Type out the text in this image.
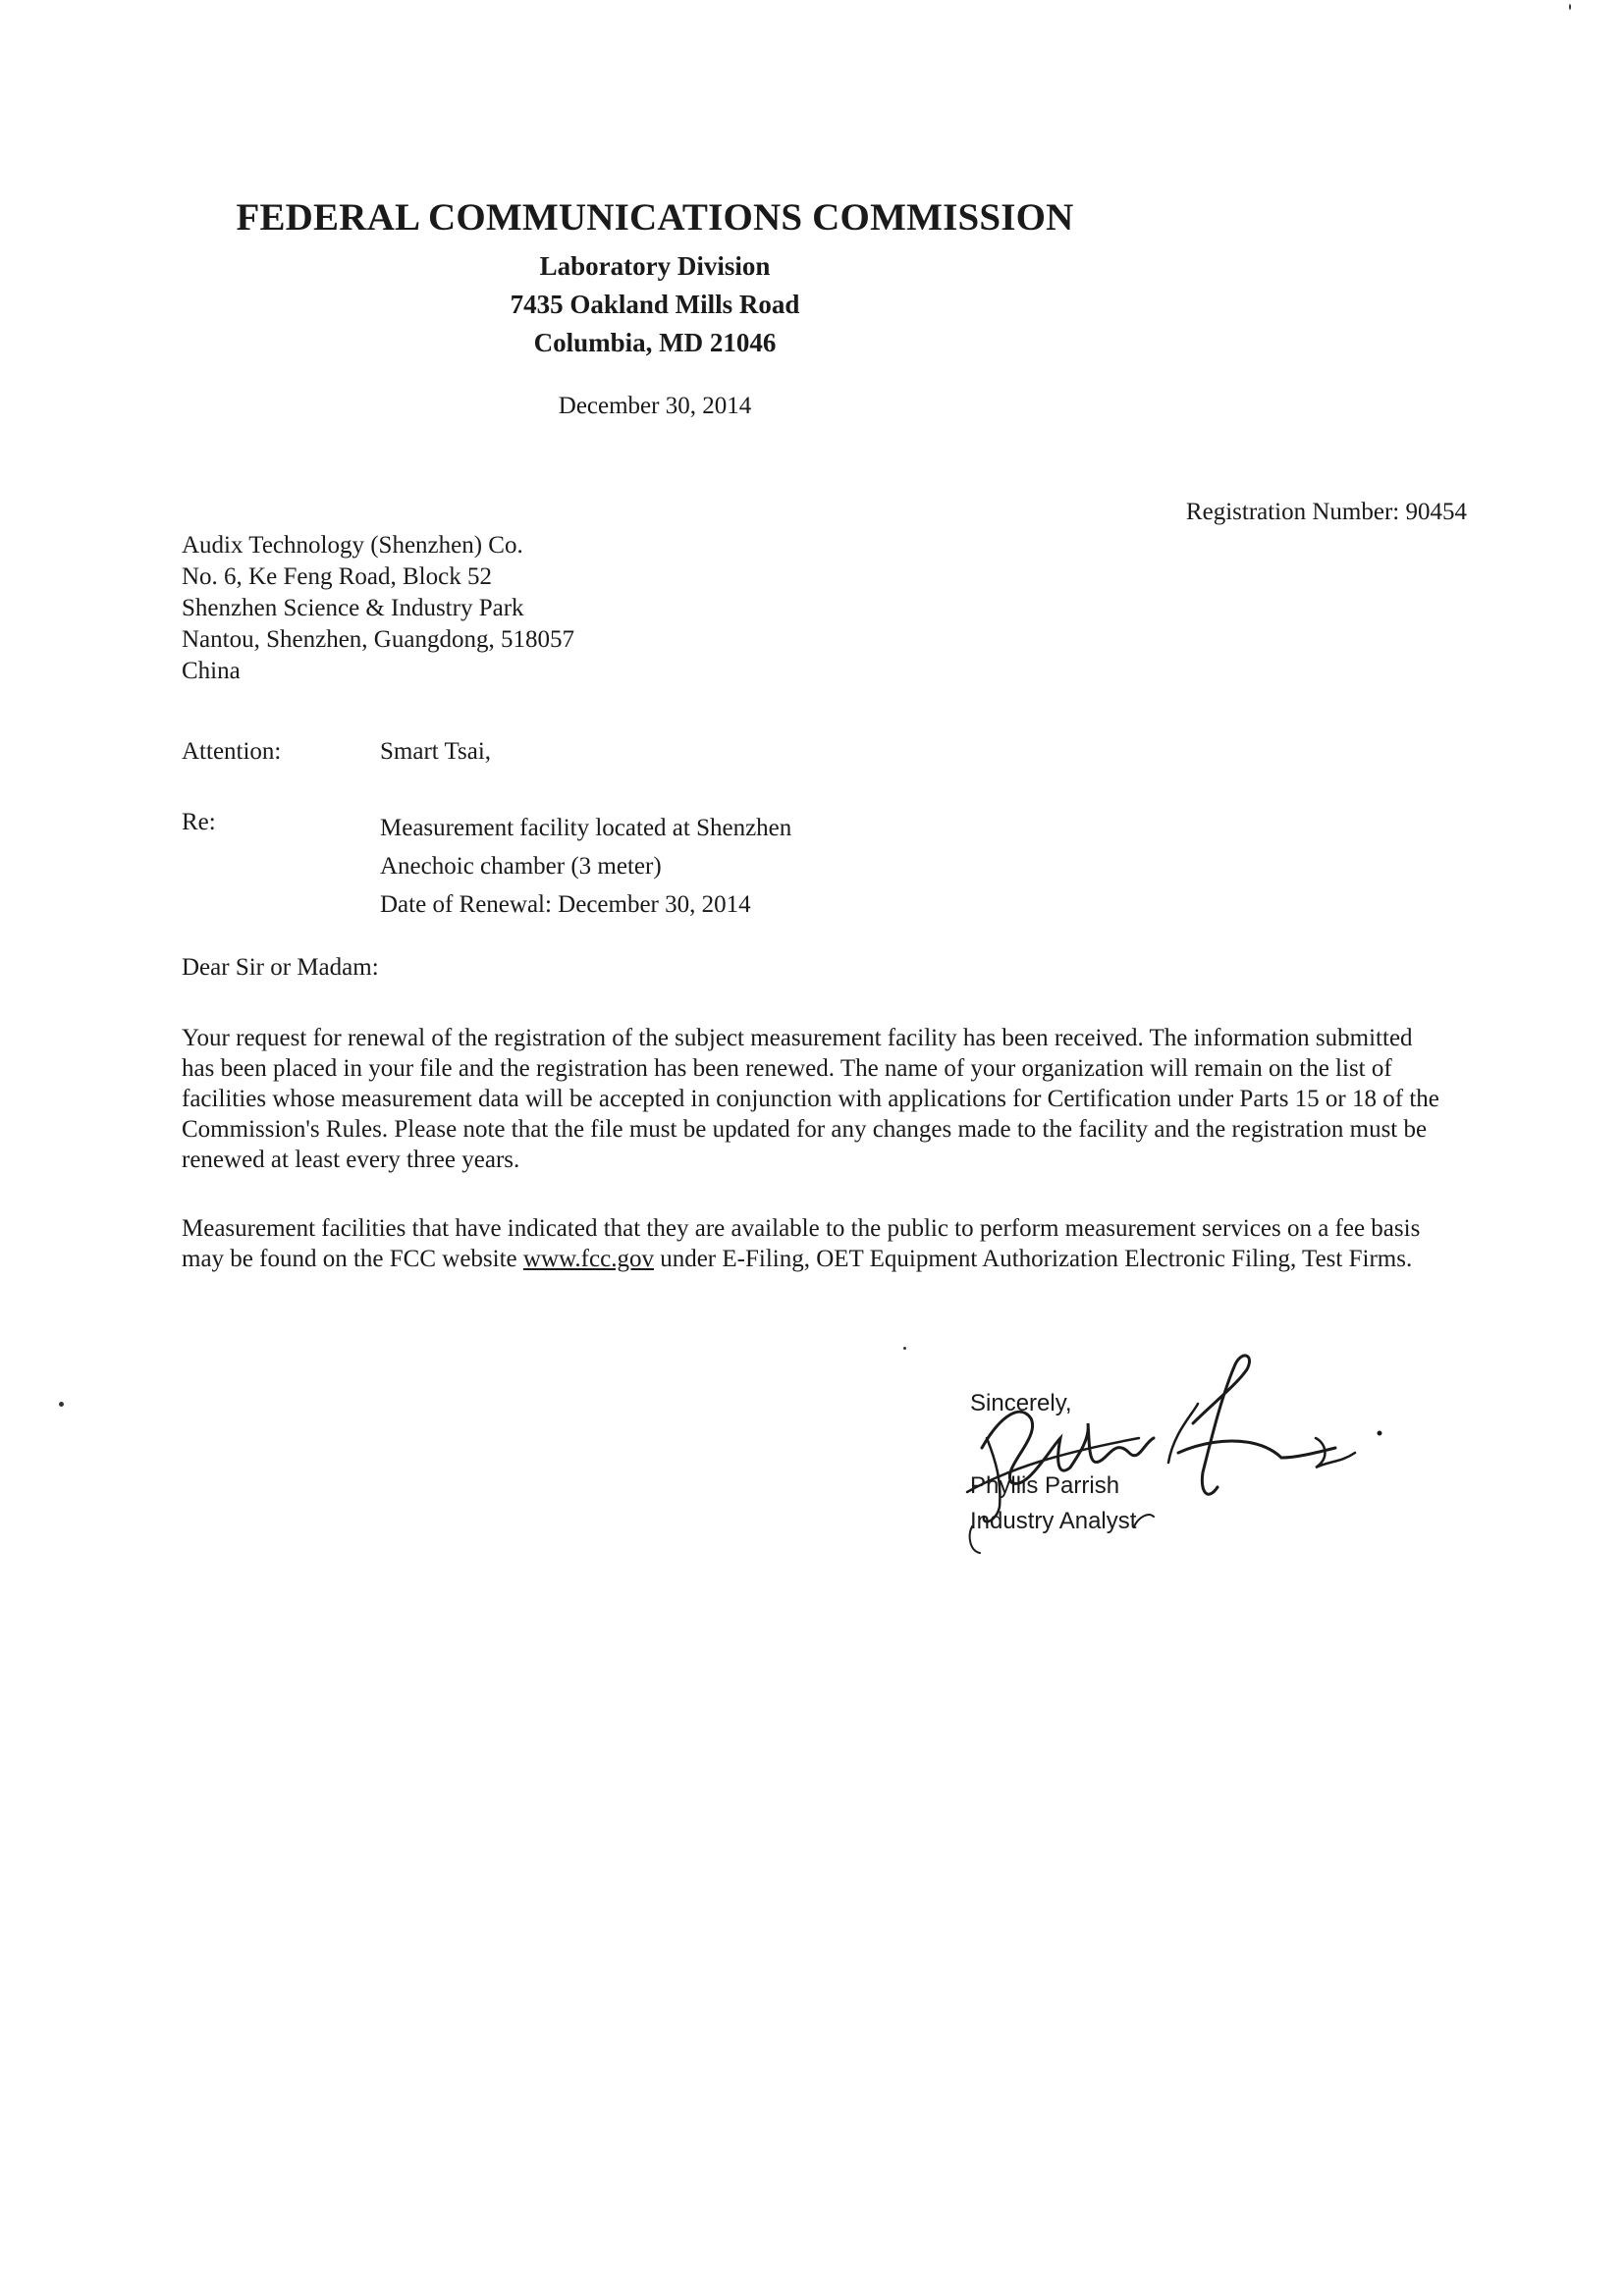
FEDERAL COMMUNICATIONS COMMISSION
Laboratory Division
7435 Oakland Mills Road
Columbia, MD 21046
December 30, 2014
Registration Number: 90454
Audix Technology (Shenzhen) Co.
No. 6, Ke Feng Road, Block 52
Shenzhen Science & Industry Park
Nantou, Shenzhen, Guangdong, 518057
China
Attention:	Smart Tsai,
Re:	Measurement facility located at Shenzhen
Anechoic chamber (3 meter)
Date of Renewal: December 30, 2014
Dear Sir or Madam:
Your request for renewal of the registration of the subject measurement facility has been received. The information submitted has been placed in your file and the registration has been renewed. The name of your organization will remain on the list of facilities whose measurement data will be accepted in conjunction with applications for Certification under Parts 15 or 18 of the Commission's Rules. Please note that the file must be updated for any changes made to the facility and the registration must be renewed at least every three years.
Measurement facilities that have indicated that they are available to the public to perform measurement services on a fee basis may be found on the FCC website www.fcc.gov under E-Filing, OET Equipment Authorization Electronic Filing, Test Firms.
Sincerely,
Phyllis Parrish
Industry Analyst
